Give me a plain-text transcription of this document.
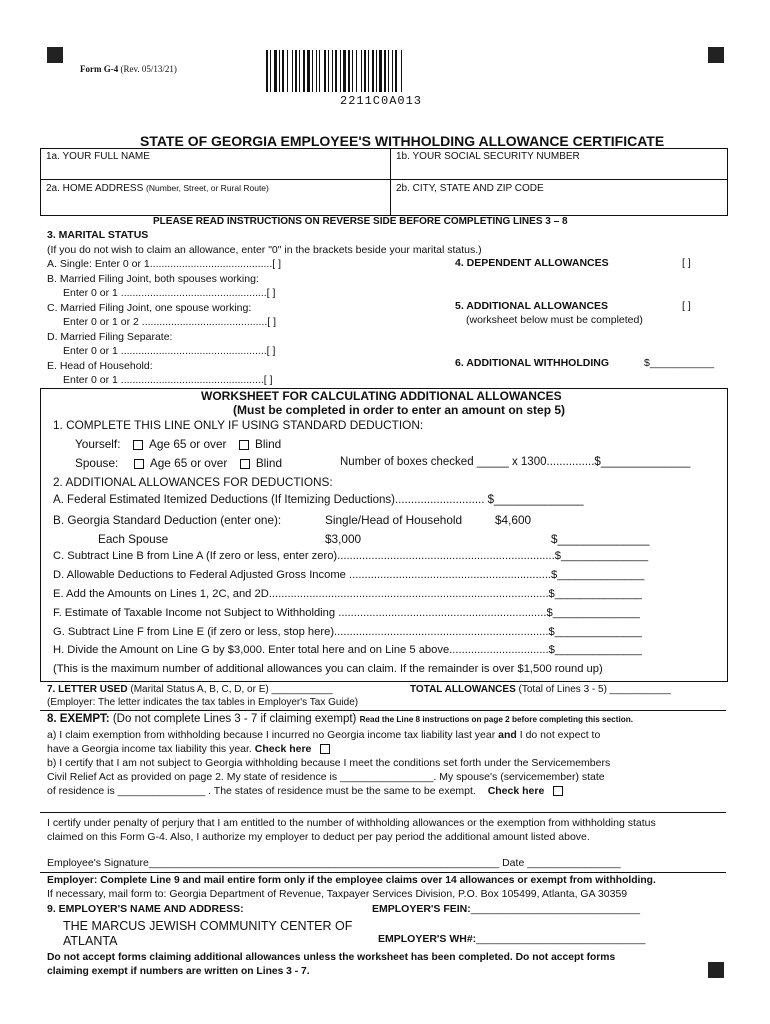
Form G-4 (Rev. 05/13/21)
2211C0A013
STATE OF GEORGIA EMPLOYEE'S WITHHOLDING ALLOWANCE CERTIFICATE
1a. YOUR FULL NAME	1b. YOUR SOCIAL SECURITY NUMBER
2a. HOME ADDRESS (Number, Street, or Rural Route)	2b. CITY, STATE AND ZIP CODE
PLEASE READ INSTRUCTIONS ON REVERSE SIDE BEFORE COMPLETING LINES 3 – 8
3. MARITAL STATUS
(If you do not wish to claim an allowance, enter "0" in the brackets beside your marital status.)
A. Single: Enter 0 or 1..........................................[ ]
B. Married Filing Joint, both spouses working:
Enter 0 or 1 ..................................................[ ]
C. Married Filing Joint, one spouse working:
Enter 0 or 1 or 2 ...........................................[ ]
D. Married Filing Separate:
Enter 0 or 1 ..................................................[ ]
E. Head of Household:
Enter 0 or 1 .................................................[ ]
4. DEPENDENT ALLOWANCES	[ ]
5. ADDITIONAL ALLOWANCES	[ ]
(worksheet below must be completed)
6. ADDITIONAL WITHHOLDING	$___________
WORKSHEET FOR CALCULATING ADDITIONAL ALLOWANCES
(Must be completed in order to enter an amount on step 5)
1. COMPLETE THIS LINE ONLY IF USING STANDARD DEDUCTION:
Yourself: Age 65 or over Blind
Spouse:	Age 65 or over Blind	Number of boxes checked _____ x 1300...............$______________
2. ADDITIONAL ALLOWANCES FOR DEDUCTIONS:
A. Federal Estimated Itemized Deductions (If Itemizing Deductions)............................ $______________
B. Georgia Standard Deduction (enter one):	Single/Head of Household	$4,600
Each Spouse	$3,000	$______________
C. Subtract Line B from Line A (If zero or less, enter zero)......................................................................$______________
D. Allowable Deductions to Federal Adjusted Gross Income .................................................................$______________
E. Add the Amounts on Lines 1, 2C, and 2D..........................................................................................$______________
F. Estimate of Taxable Income not Subject to Withholding ...................................................................$______________
G. Subtract Line F from Line E (if zero or less, stop here).....................................................................$______________
H. Divide the Amount on Line G by $3,000. Enter total here and on Line 5 above................................$______________
(This is the maximum number of additional allowances you can claim. If the remainder is over $1,500 round up)
7. LETTER USED (Marital Status A, B, C, D, or E) ___________	TOTAL ALLOWANCES (Total of Lines 3 - 5) ___________
(Employer: The letter indicates the tax tables in Employer's Tax Guide)
8. EXEMPT: (Do not complete Lines 3 - 7 if claiming exempt) Read the Line 8 instructions on page 2 before completing this section.
a) I claim exemption from withholding because I incurred no Georgia income tax liability last year and I do not expect to
have a Georgia income tax liability this year. Check here
b) I certify that I am not subject to Georgia withholding because I meet the conditions set forth under the Servicemembers
Civil Relief Act as provided on page 2. My state of residence is ________________. My spouse's (servicemember) state
of residence is _______________ . The states of residence must be the same to be exempt. Check here
I certify under penalty of perjury that I am entitled to the number of withholding allowances or the exemption from withholding status
claimed on this Form G-4. Also, I authorize my employer to deduct per pay period the additional amount listed above.
Employee's Signature____________________________________________________________ Date ________________
Employer: Complete Line 9 and mail entire form only if the employee claims over 14 allowances or exempt from withholding.
If necessary, mail form to: Georgia Department of Revenue, Taxpayer Services Division, P.O. Box 105499, Atlanta, GA 30359
9. EMPLOYER'S NAME AND ADDRESS:	EMPLOYER'S FEIN:_____________________________
THE MARCUS JEWISH COMMUNITY CENTER OF
ATLANTA	EMPLOYER'S WH#:_____________________________
Do not accept forms claiming additional allowances unless the worksheet has been completed. Do not accept forms
claiming exempt if numbers are written on Lines 3 - 7.
